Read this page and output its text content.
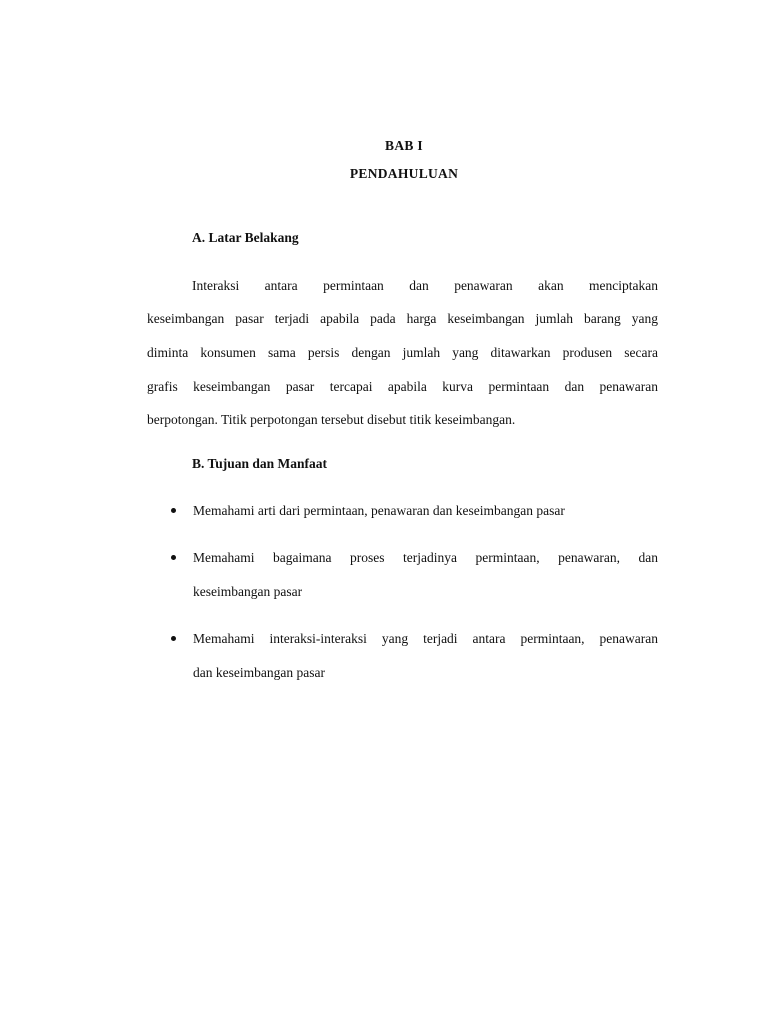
BAB I
PENDAHULUAN
A. Latar Belakang
Interaksi antara permintaan dan penawaran akan menciptakan
keseimbangan pasar terjadi apabila pada harga keseimbangan jumlah barang yang
diminta konsumen sama persis dengan jumlah yang ditawarkan produsen secara
grafis keseimbangan pasar tercapai apabila kurva permintaan dan penawaran
berpotongan. Titik perpotongan tersebut disebut titik keseimbangan.
B. Tujuan dan Manfaat
Memahami arti dari permintaan, penawaran dan keseimbangan pasar
Memahami bagaimana proses terjadinya permintaan, penawaran, dan
keseimbangan pasar
Memahami interaksi-interaksi yang terjadi antara permintaan, penawaran
dan keseimbangan pasar
